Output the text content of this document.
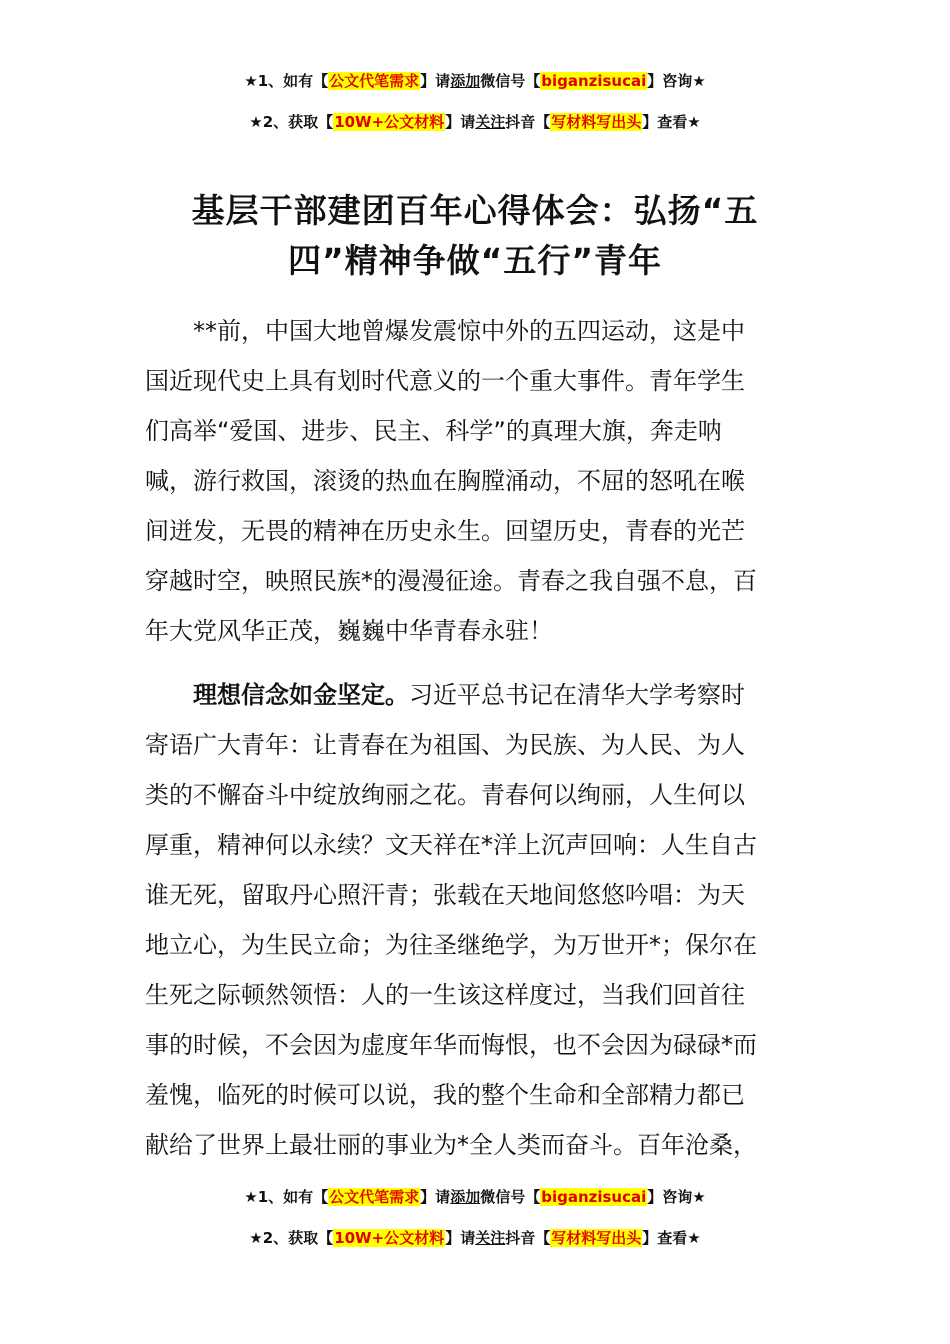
★1、如有【公文代笔需求】请添加微信号【biganzisucai】咨询★
★2、获取【10W+公文材料】请关注抖音【写材料写出头】查看★
基层干部建团百年心得体会：弘扬“五
四”精神争做“五行”青年
　　**前，中国大地曾爆发震惊中外的五四运动，这是中
国近现代史上具有划时代意义的一个重大事件。青年学生
们高举“爱国、进步、民主、科学”的真理大旗，奔走呐
喊，游行救国，滚烫的热血在胸膛涌动，不屈的怒吼在喉
间迸发，无畏的精神在历史永生。回望历史，青春的光芒
穿越时空，映照民族*的漫漫征途。青春之我自强不息，百
年大党风华正茂，巍巍中华青春永驻！
　　理想信念如金坚定。习近平总书记在清华大学考察时
寄语广大青年：让青春在为祖国、为民族、为人民、为人
类的不懈奋斗中绽放绚丽之花。青春何以绚丽，人生何以
厚重，精神何以永续？文天祥在*洋上沉声回响：人生自古
谁无死，留取丹心照汗青；张载在天地间悠悠吟唱：为天
地立心，为生民立命；为往圣继绝学，为万世开*；保尔在
生死之际顿然领悟：人的一生该这样度过，当我们回首往
事的时候，不会因为虚度年华而悔恨，也不会因为碌碌*而
羞愧，临死的时候可以说，我的整个生命和全部精力都已
献给了世界上最壮丽的事业为*全人类而奋斗。百年沧桑，
★1、如有【公文代笔需求】请添加微信号【biganzisucai】咨询★
★2、获取【10W+公文材料】请关注抖音【写材料写出头】查看★
